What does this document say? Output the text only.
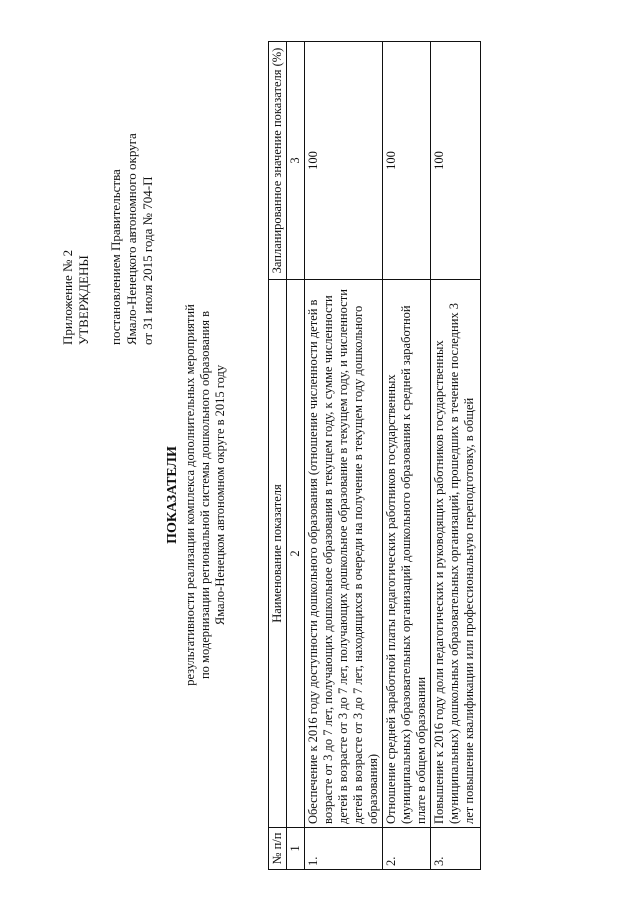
Приложение № 2 УТВЕРЖДЕНЫ постановлением Правительства Ямало-Ненецкого автономного округа от 31 июля 2015 года № 704-П
ПОКАЗАТЕЛИ результативности реализации комплекса дополнительных мероприятий по модернизации региональной системы дошкольного образования в Ямало-Ненецком автономном округе в 2015 году
№ п/п	Наименование показателя	Запланированное значение показателя (%)
1	2	3
1.	Обеспечение к 2016 году доступности дошкольного образования (отношение численности детей в возрасте от 3 до 7 лет, получающих дошкольное образования в текущем году, к сумме численности детей в возрасте от 3 до 7 лет, получающих дошкольное образование в текущем году, и численности детей в возрасте от 3 до 7 лет, находящихся в очереди на получение в текущем году дошкольного образования)	100
2.	Отношение средней заработной платы педагогических работников государственных (муниципальных) образовательных организаций дошкольного образования к средней заработной плате в общем образовании	100
3.	Повышение к 2016 году доли педагогических и руководящих работников государственных (муниципальных) дошкольных образовательных организаций, прошедших в течение последних 3 лет повышение квалификации или профессиональную переподготовку, в общей	100
